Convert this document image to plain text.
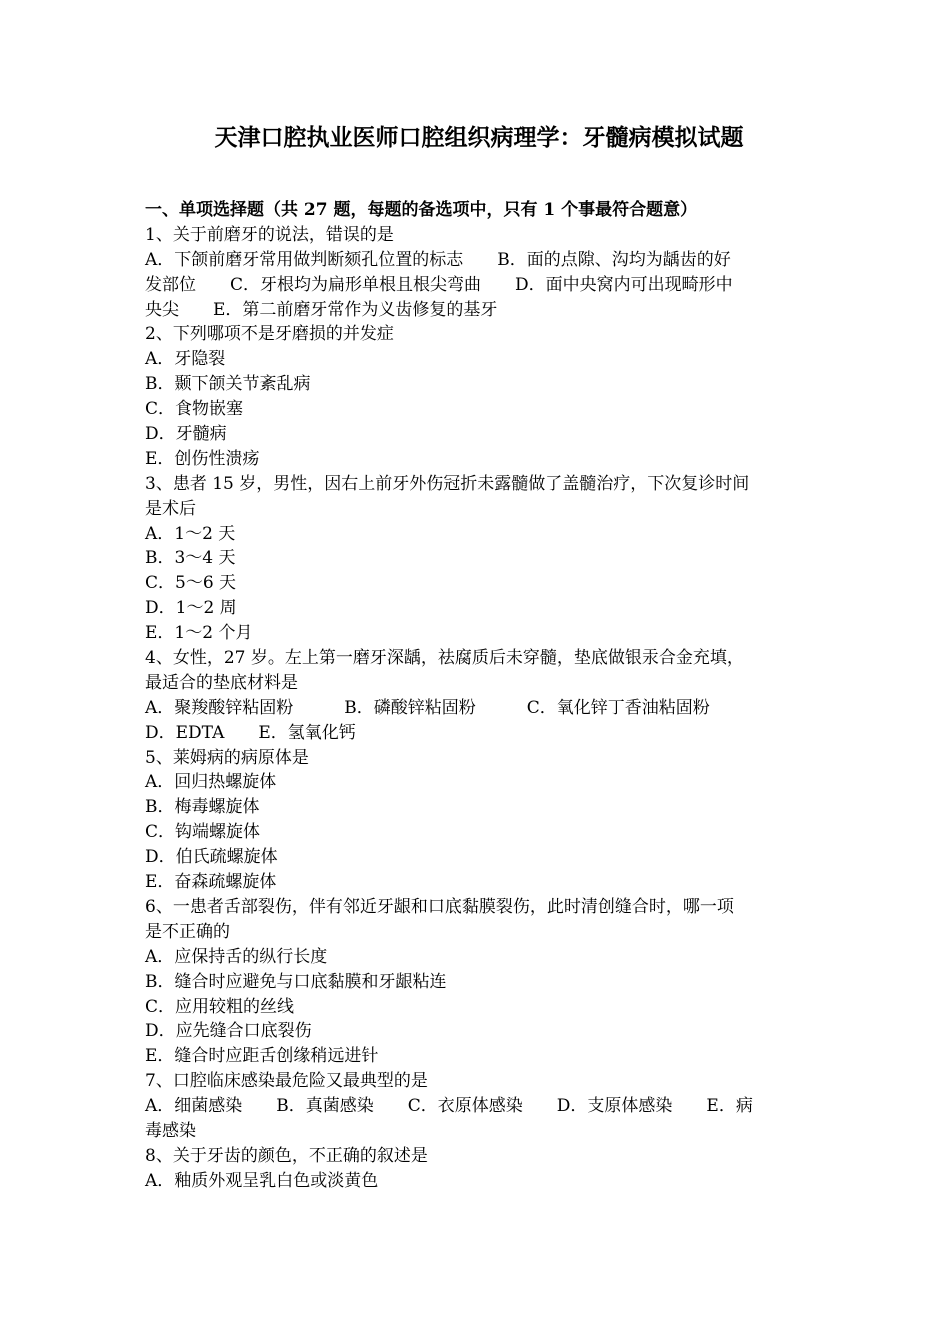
天津口腔执业医师口腔组织病理学：牙髓病模拟试题
一、单项选择题（共 27 题，每题的备选项中，只有 1 个事最符合题意）
1、关于前磨牙的说法，错误的是
A．下颌前磨牙常用做判断颏孔位置的标志　　B．面的点隙、沟均为龋齿的好
发部位　　C．牙根均为扁形单根且根尖弯曲　　D．面中央窝内可出现畸形中
央尖　　E．第二前磨牙常作为义齿修复的基牙
2、下列哪项不是牙磨损的并发症
A．牙隐裂
B．颞下颌关节紊乱病
C．食物嵌塞
D．牙髓病
E．创伤性溃疡
3、患者 15 岁，男性，因右上前牙外伤冠折未露髓做了盖髓治疗，下次复诊时间
是术后
A．1～2 天
B．3～4 天
C．5～6 天
D．1～2 周
E．1～2 个月
4、女性，27 岁。左上第一磨牙深龋，祛腐质后未穿髓，垫底做银汞合金充填，
最适合的垫底材料是
A．聚羧酸锌粘固粉　　　B．磷酸锌粘固粉　　　C．氧化锌丁香油粘固粉
D．EDTA　　E．氢氧化钙
5、莱姆病的病原体是
A．回归热螺旋体
B．梅毒螺旋体
C．钩端螺旋体
D．伯氏疏螺旋体
E．奋森疏螺旋体
6、一患者舌部裂伤，伴有邻近牙龈和口底黏膜裂伤，此时清创缝合时，哪一项
是不正确的
A．应保持舌的纵行长度
B．缝合时应避免与口底黏膜和牙龈粘连
C．应用较粗的丝线
D．应先缝合口底裂伤
E．缝合时应距舌创缘稍远进针
7、口腔临床感染最危险又最典型的是
A．细菌感染　　B．真菌感染　　C．衣原体感染　　D．支原体感染　　E．病
毒感染
8、关于牙齿的颜色，不正确的叙述是
A．釉质外观呈乳白色或淡黄色
